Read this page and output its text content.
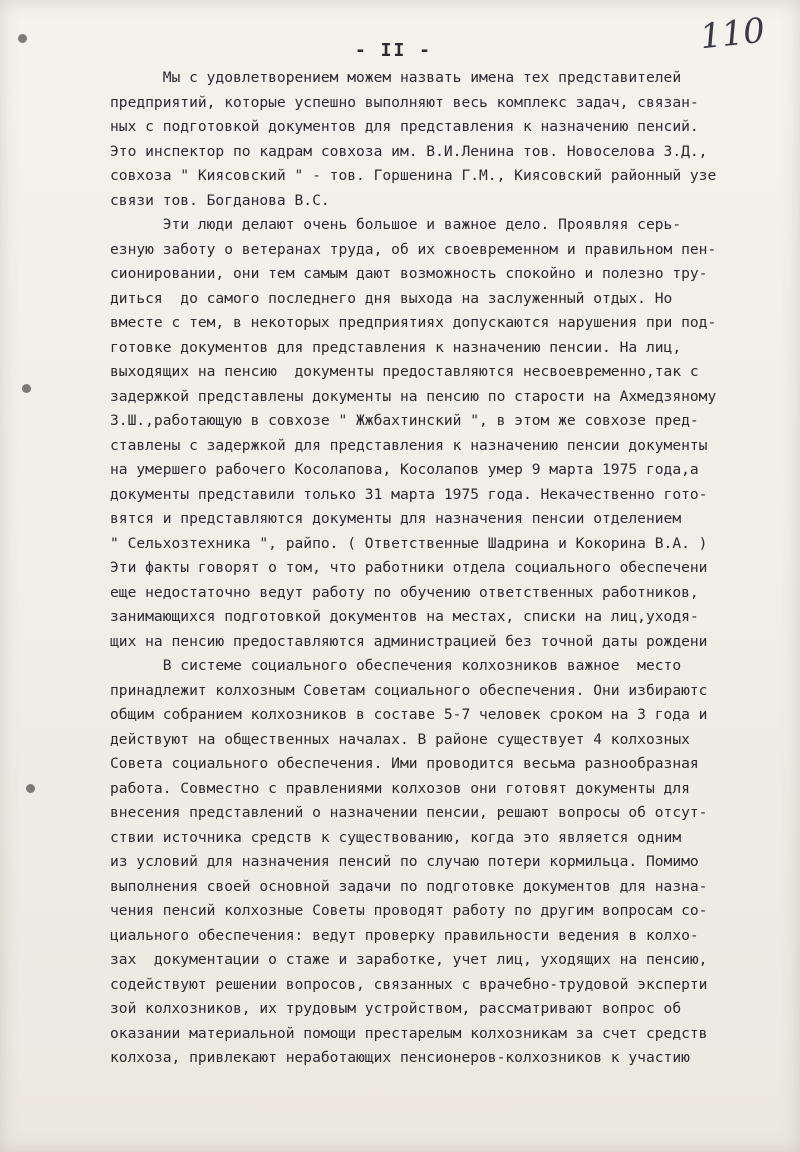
- II -	110
Мы с удовлетворением можем назвать имена тех представителей
предприятий, которые успешно выполняют весь комплекс задач, связан-
ных с подготовкой документов для представления к назначению пенсий.
Это инспектор по кадрам совхоза им. В.И.Ленина тов. Новоселова З.Д.,
совхоза " Киясовский " - тов. Горшенина Г.М., Киясовский районный узе
связи тов. Богданова В.С.
Эти люди делают очень большое и важное дело. Проявляя серь-
езную заботу о ветеранах труда, об их своевременном и правильном пен-
сионировании, они тем самым дают возможность спокойно и полезно тру-
диться  до самого последнего дня выхода на заслуженный отдых. Но
вместе с тем, в некоторых предприятиях допускаются нарушения при под-
готовке документов для представления к назначению пенсии. На лиц,
выходящих на пенсию  документы предоставляются несвоевременно,так с
задержкой представлены документы на пенсию по старости на Ахмедзяному
З.Ш.,работающую в совхозе " Жжбахтинский ", в этом же совхозе пред-
ставлены с задержкой для представления к назначению пенсии документы
на умершего рабочего Косолапова, Косолапов умер 9 марта 1975 года,а
документы представили только 31 марта 1975 года. Некачественно гото-
вятся и представляются документы для назначения пенсии отделением
" Сельхозтехника ", райпо. ( Ответственные Шадрина и Кокорина В.А. )
Эти факты говорят о том, что работники отдела социального обеспечени
еще недостаточно ведут работу по обучению ответственных работников,
занимающихся подготовкой документов на местах, списки на лиц,уходя-
щих на пенсию предоставляются администрацией без точной даты рождени
В системе социального обеспечения колхозников важное  место
принадлежит колхозным Советам социального обеспечения. Они избираютс
общим собранием колхозников в составе 5-7 человек сроком на 3 года и
действуют на общественных началах. В районе существует 4 колхозных
Совета социального обеспечения. Ими проводится весьма разнообразная
работа. Совместно с правлениями колхозов они готовят документы для
внесения представлений о назначении пенсии, решают вопросы об отсут-
ствии источника средств к существованию, когда это является одним
из условий для назначения пенсий по случаю потери кормильца. Помимо
выполнения своей основной задачи по подготовке документов для назна-
чения пенсий колхозные Советы проводят работу по другим вопросам со-
циального обеспечения: ведут проверку правильности ведения в колхо-
зах  документации о стаже и заработке, учет лиц, уходящих на пенсию,
содействуют решении вопросов, связанных с врачебно-трудовой эксперти
зой колхозников, их трудовым устройством, рассматривают вопрос об
оказании материальной помощи престарелым колхозникам за счет средств
колхоза, привлекают неработающих пенсионеров-колхозников к участию
